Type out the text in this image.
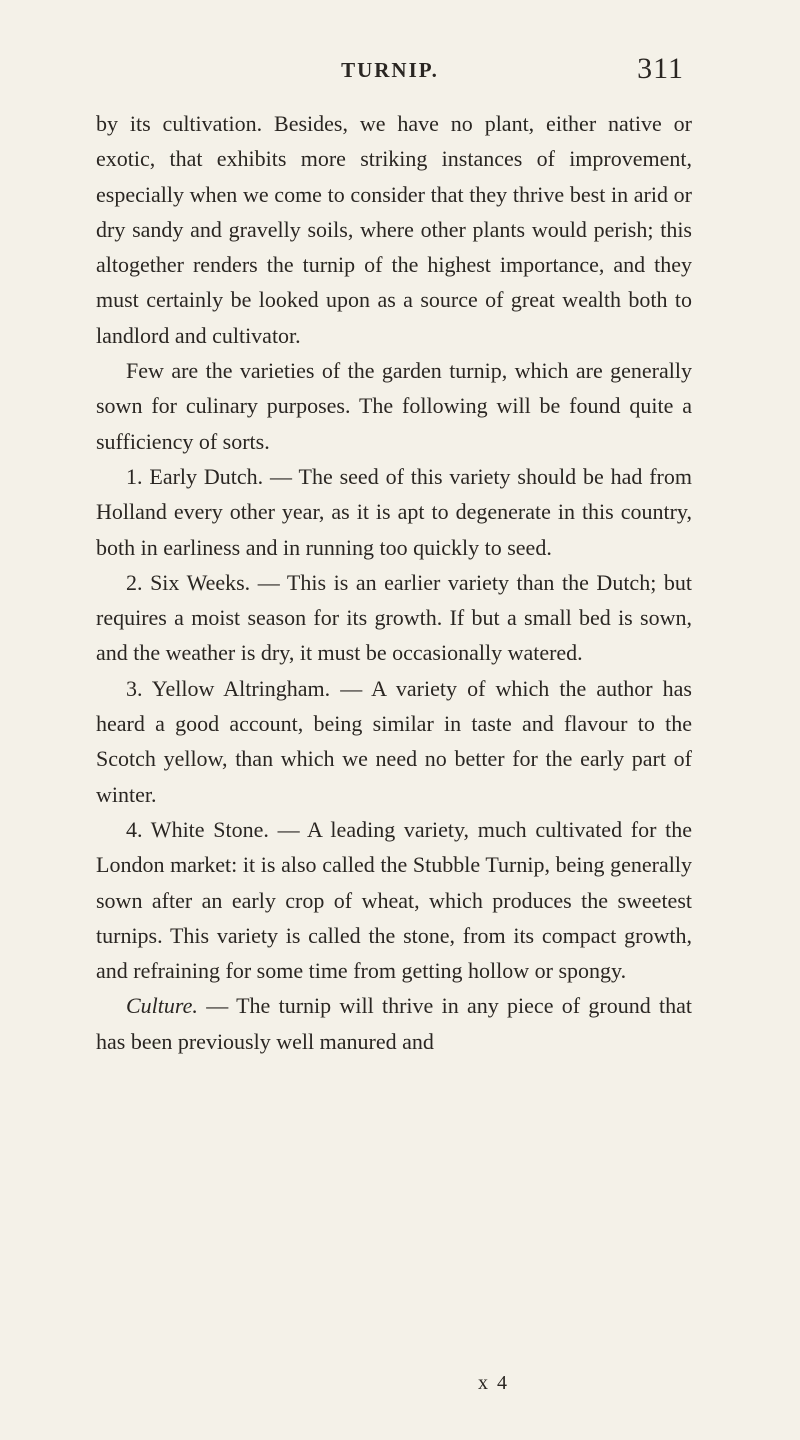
TURNIP.	311

by its cultivation. Besides, we have no plant, either native or exotic, that exhibits more striking instances of improvement, especially when we come to consider that they thrive best in arid or dry sandy and gravelly soils, where other plants would perish; this altogether renders the turnip of the highest importance, and they must certainly be looked upon as a source of great wealth both to landlord and cultivator.

Few are the varieties of the garden turnip, which are generally sown for culinary purposes. The following will be found quite a sufficiency of sorts.

1. Early Dutch. — The seed of this variety should be had from Holland every other year, as it is apt to degenerate in this country, both in earliness and in running too quickly to seed.

2. Six Weeks. — This is an earlier variety than the Dutch; but requires a moist season for its growth. If but a small bed is sown, and the weather is dry, it must be occasionally watered.

3. Yellow Altringham. — A variety of which the author has heard a good account, being similar in taste and flavour to the Scotch yellow, than which we need no better for the early part of winter.

4. White Stone. — A leading variety, much cultivated for the London market: it is also called the Stubble Turnip, being generally sown after an early crop of wheat, which produces the sweetest turnips. This variety is called the stone, from its compact growth, and refraining for some time from getting hollow or spongy.

Culture. — The turnip will thrive in any piece of ground that has been previously well manured and

x 4
